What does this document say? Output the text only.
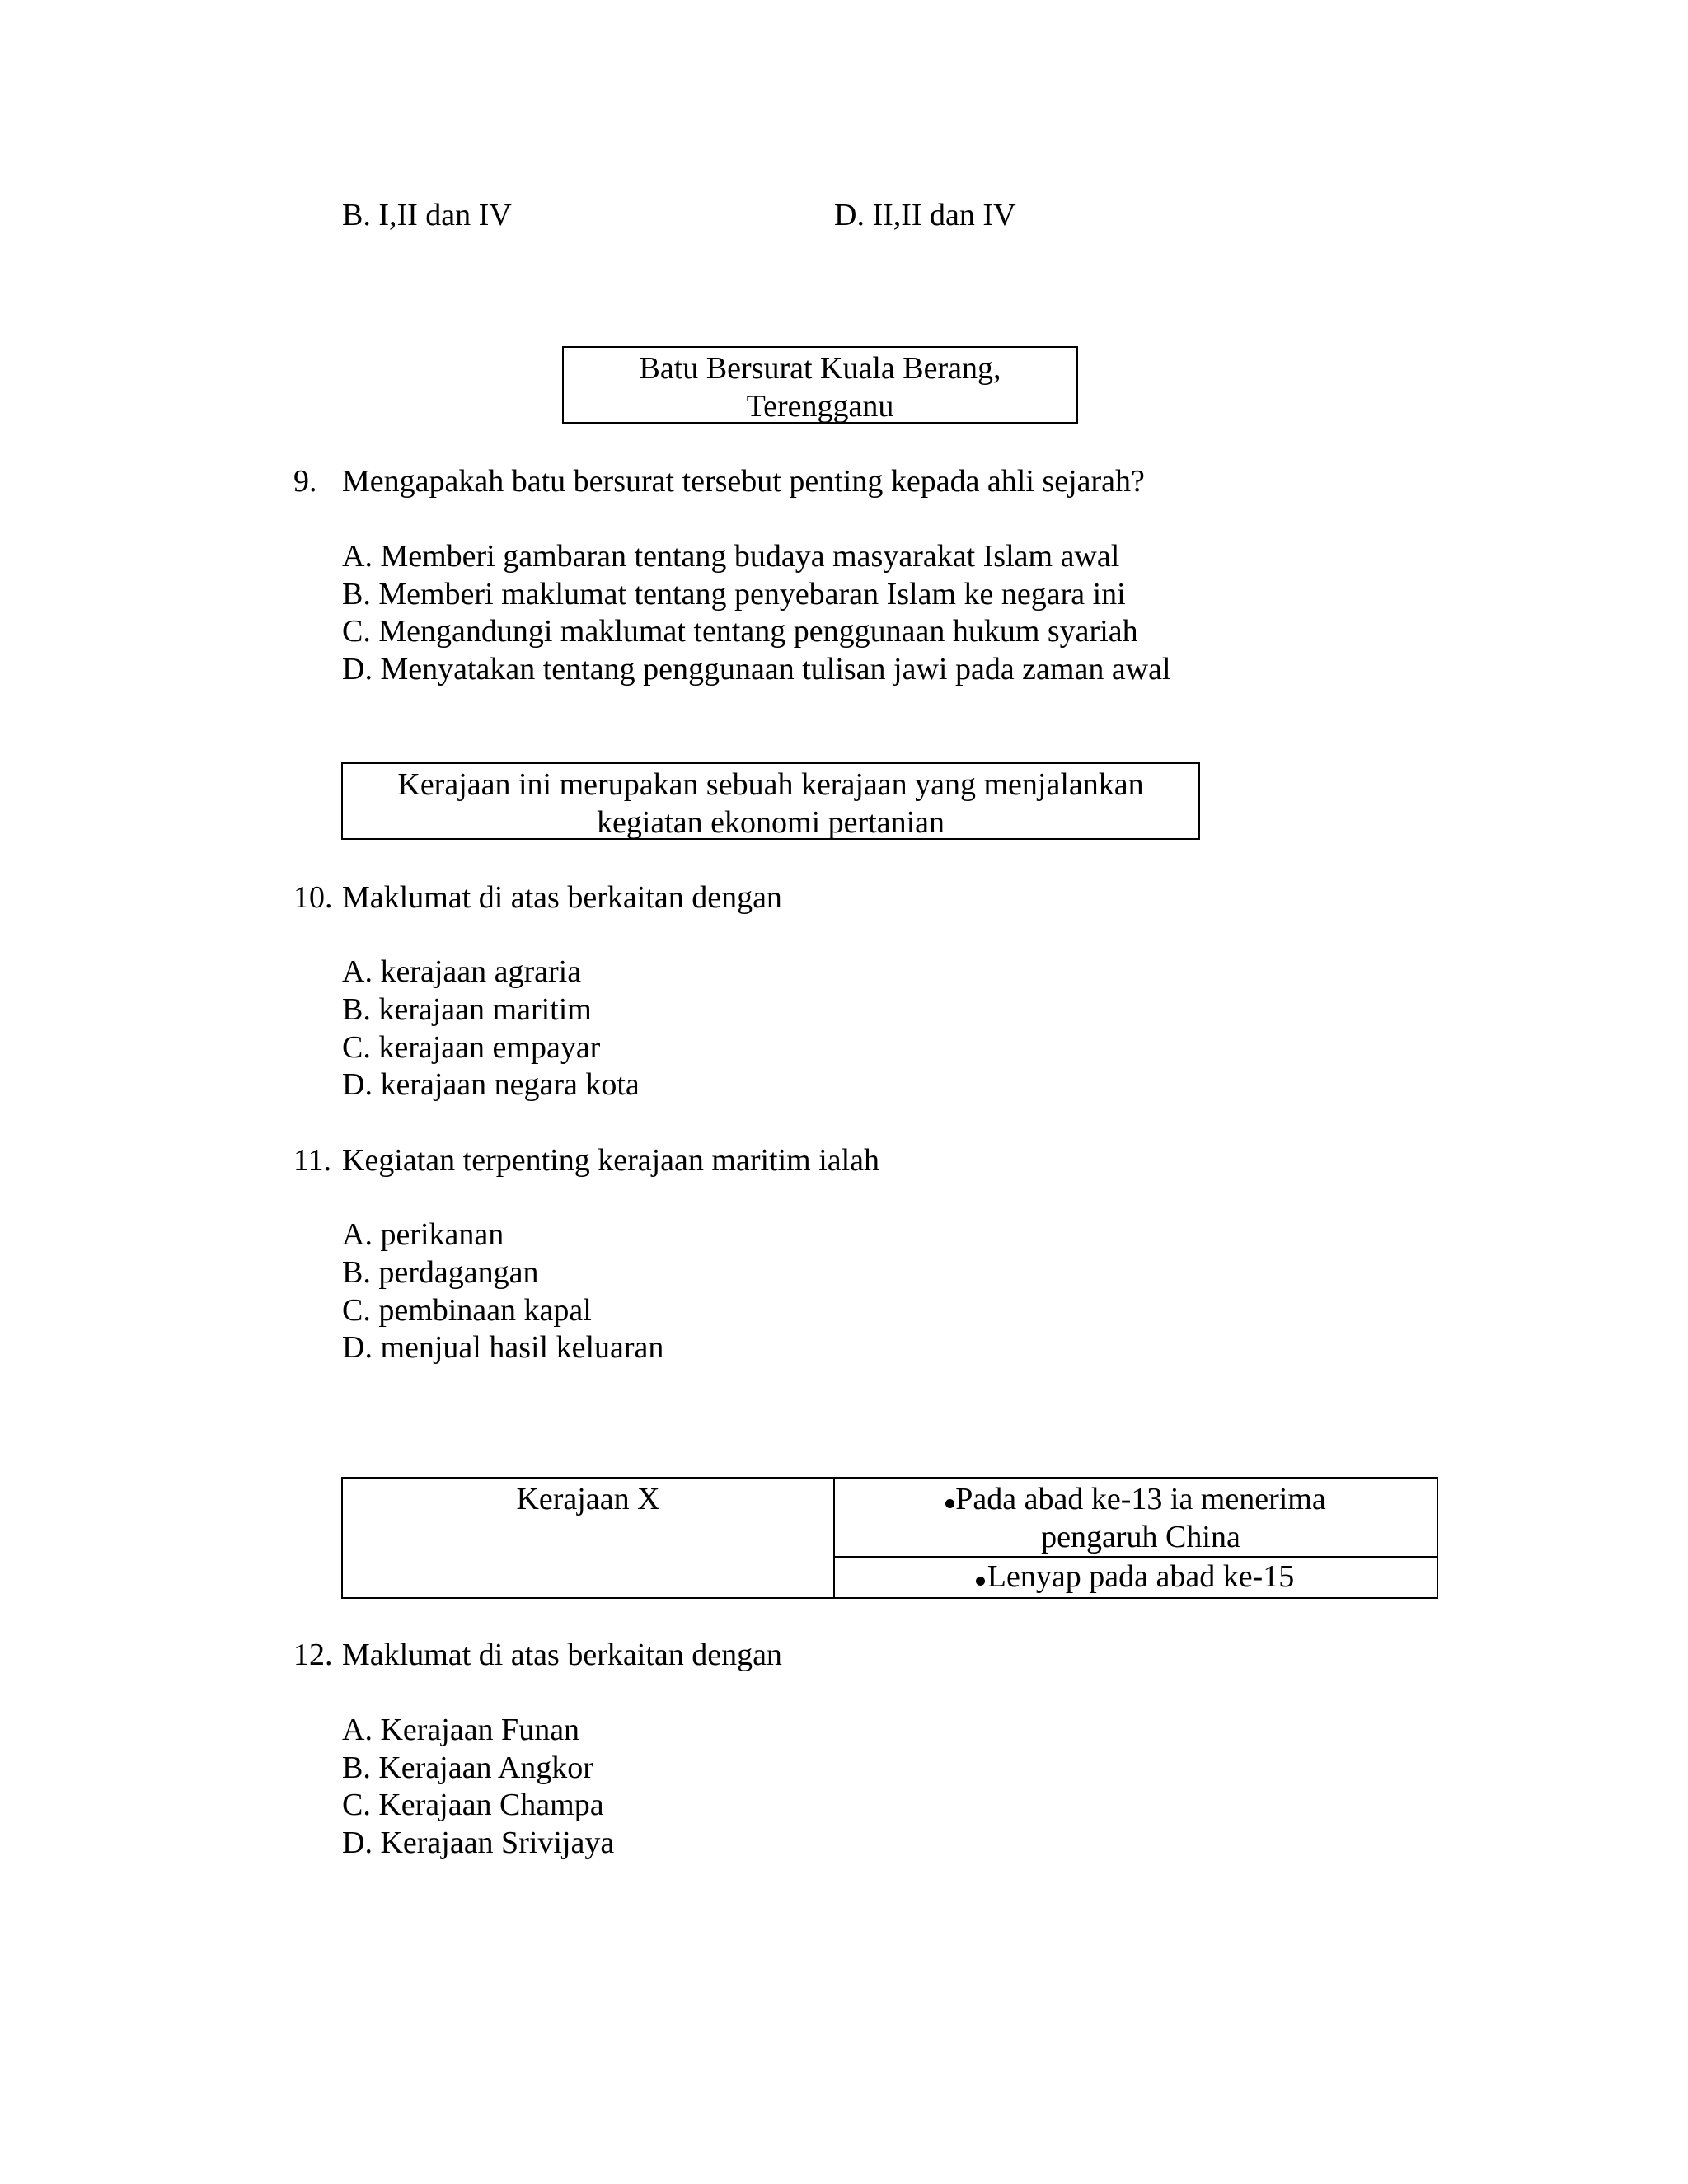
B. I,II dan IV	D. II,II dan IV
Batu Bersurat Kuala Berang,
Terengganu
9. Mengapakah batu bersurat tersebut penting kepada ahli sejarah?
A. Memberi gambaran tentang budaya masyarakat Islam awal
B. Memberi maklumat tentang penyebaran Islam ke negara ini
C. Mengandungi maklumat tentang penggunaan hukum syariah
D. Menyatakan tentang penggunaan tulisan jawi pada zaman awal
Kerajaan ini merupakan sebuah kerajaan yang menjalankan
kegiatan ekonomi pertanian
10. Maklumat di atas berkaitan dengan
A. kerajaan agraria
B. kerajaan maritim
C. kerajaan empayar
D. kerajaan negara kota
11. Kegiatan terpenting kerajaan maritim ialah
A. perikanan
B. perdagangan
C. pembinaan kapal
D. menjual hasil keluaran
Kerajaan X	Pada abad ke-13 ia menerima
pengaruh China
Lenyap pada abad ke-15
12. Maklumat di atas berkaitan dengan
A. Kerajaan Funan
B. Kerajaan Angkor
C. Kerajaan Champa
D. Kerajaan Srivijaya
